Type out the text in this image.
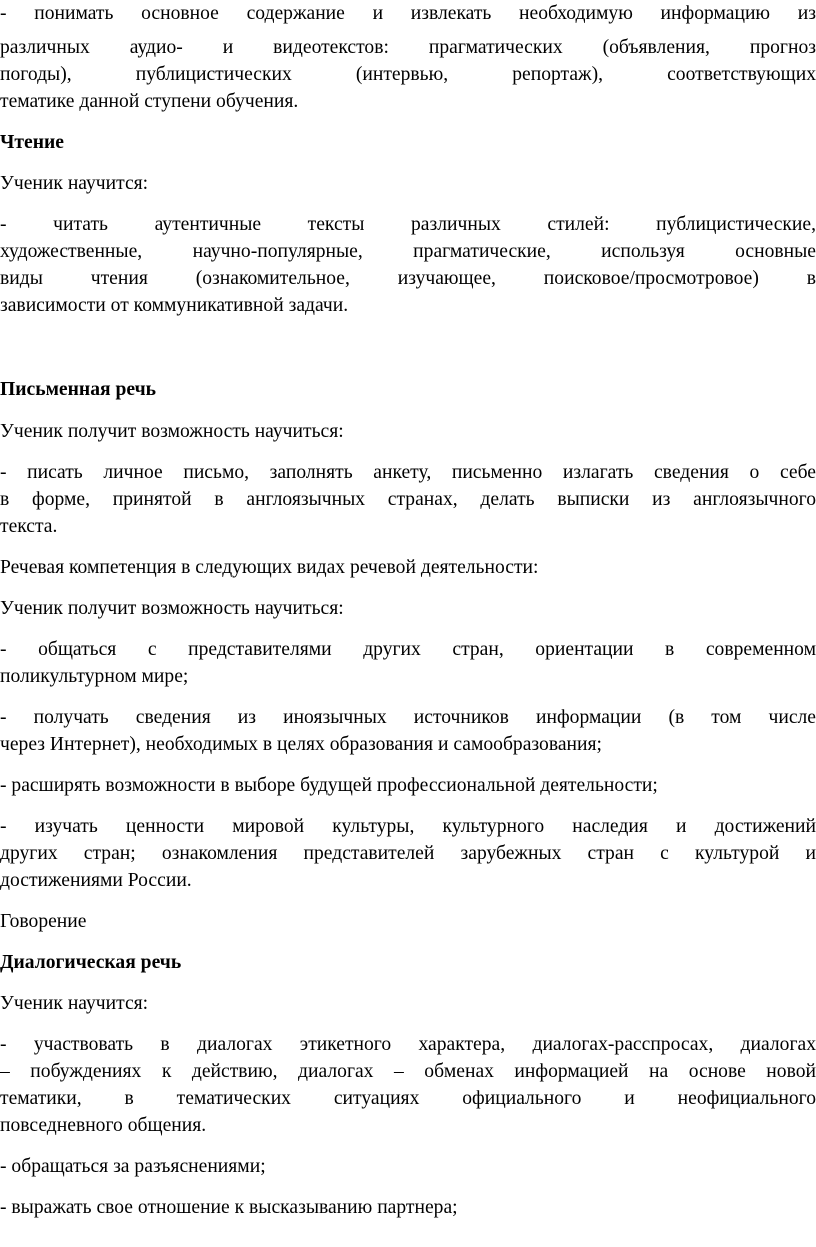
- понимать основное содержание и извлекать необходимую информацию из
различных аудио- и видеотекстов: прагматических (объявления, прогноз
погоды), публицистических (интервью, репортаж), соответствующих
тематике данной ступени обучения.
Чтение
Ученик научится:
- читать аутентичные тексты различных стилей: публицистические,
художественные, научно-популярные, прагматические, используя основные
виды чтения (ознакомительное, изучающее, поисковое/просмотровое) в
зависимости от коммуникативной задачи.
Письменная речь
Ученик получит возможность научиться:
- писать личное письмо, заполнять анкету, письменно излагать сведения о себе
в форме, принятой в англоязычных странах, делать выписки из англоязычного
текста.
Речевая компетенция в следующих видах речевой деятельности:
Ученик получит возможность научиться:
- общаться с представителями других стран, ориентации в современном
поликультурном мире;
- получать сведения из иноязычных источников информации (в том числе
через Интернет), необходимых в целях образования и самообразования;
- расширять возможности в выборе будущей профессиональной деятельности;
- изучать ценности мировой культуры, культурного наследия и достижений
других стран; ознакомления представителей зарубежных стран с культурой и
достижениями России.
Говорение
Диалогическая речь
Ученик научится:
- участвовать в диалогах этикетного характера, диалогах-расспросах, диалогах
– побуждениях к действию, диалогах – обменах информацией на основе новой
тематики, в тематических ситуациях официального и неофициального
повседневного общения.
- обращаться за разъяснениями;
- выражать свое отношение к высказыванию партнера;
